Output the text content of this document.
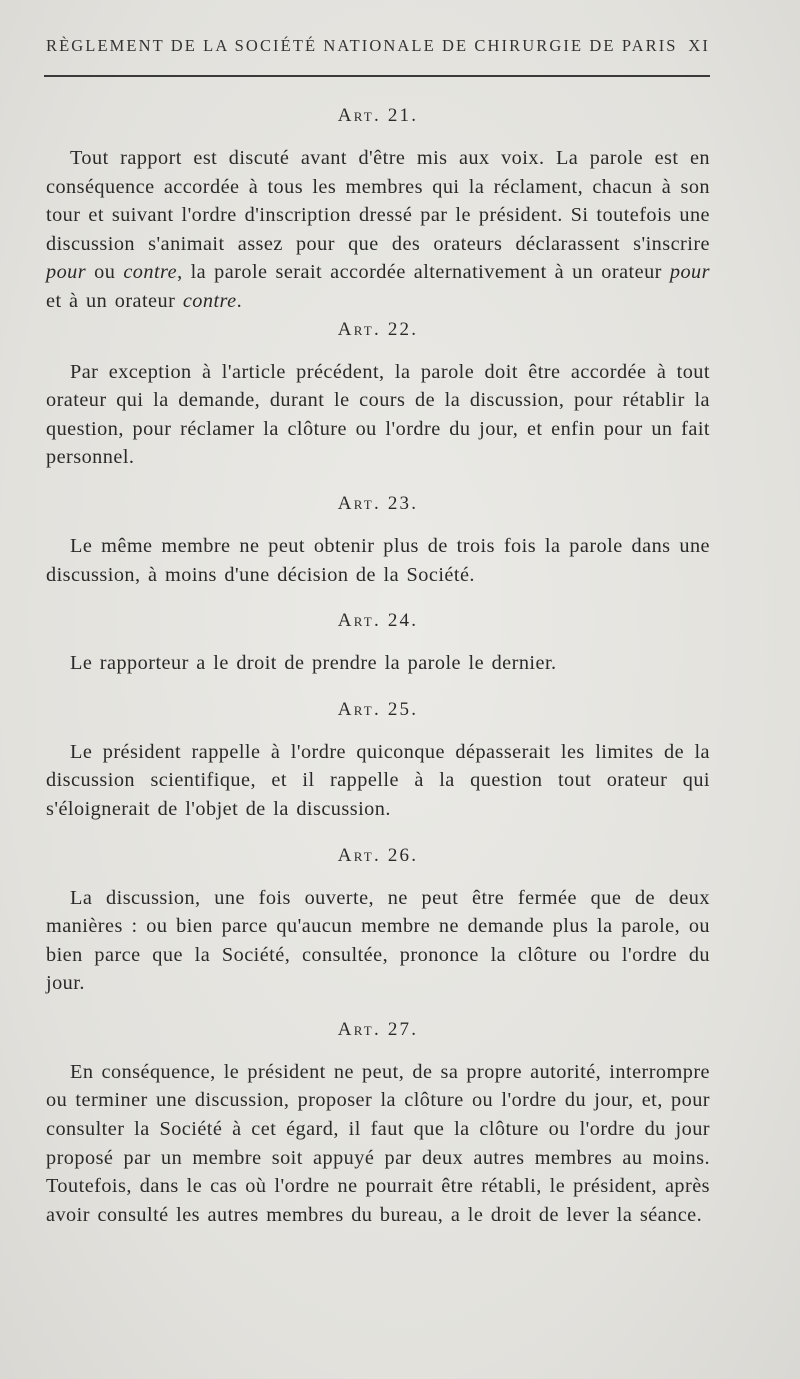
RÈGLEMENT DE LA SOCIÉTÉ NATIONALE DE CHIRURGIE DE PARIS XI

Art. 21.

Tout rapport est discuté avant d'être mis aux voix. La parole est en conséquence accordée à tous les membres qui la réclament, chacun à son tour et suivant l'ordre d'inscription dressé par le président. Si toutefois une discussion s'animait assez pour que des orateurs déclarassent s'inscrire pour ou contre, la parole serait accordée alternativement à un orateur pour et à un orateur contre.

Art. 22.

Par exception à l'article précédent, la parole doit être accordée à tout orateur qui la demande, durant le cours de la discussion, pour rétablir la question, pour réclamer la clôture ou l'ordre du jour, et enfin pour un fait personnel.

Art. 23.

Le même membre ne peut obtenir plus de trois fois la parole dans une discussion, à moins d'une décision de la Société.

Art. 24.

Le rapporteur a le droit de prendre la parole le dernier.

Art. 25.

Le président rappelle à l'ordre quiconque dépasserait les limites de la discussion scientifique, et il rappelle à la question tout orateur qui s'éloignerait de l'objet de la discussion.

Art. 26.

La discussion, une fois ouverte, ne peut être fermée que de deux manières : ou bien parce qu'aucun membre ne demande plus la parole, ou bien parce que la Société, consultée, prononce la clôture ou l'ordre du jour.

Art. 27.

En conséquence, le président ne peut, de sa propre autorité, interrompre ou terminer une discussion, proposer la clôture ou l'ordre du jour, et, pour consulter la Société à cet égard, il faut que la clôture ou l'ordre du jour proposé par un membre soit appuyé par deux autres membres au moins. Toutefois, dans le cas où l'ordre ne pourrait être rétabli, le président, après avoir consulté les autres membres du bureau, a le droit de lever la séance.
